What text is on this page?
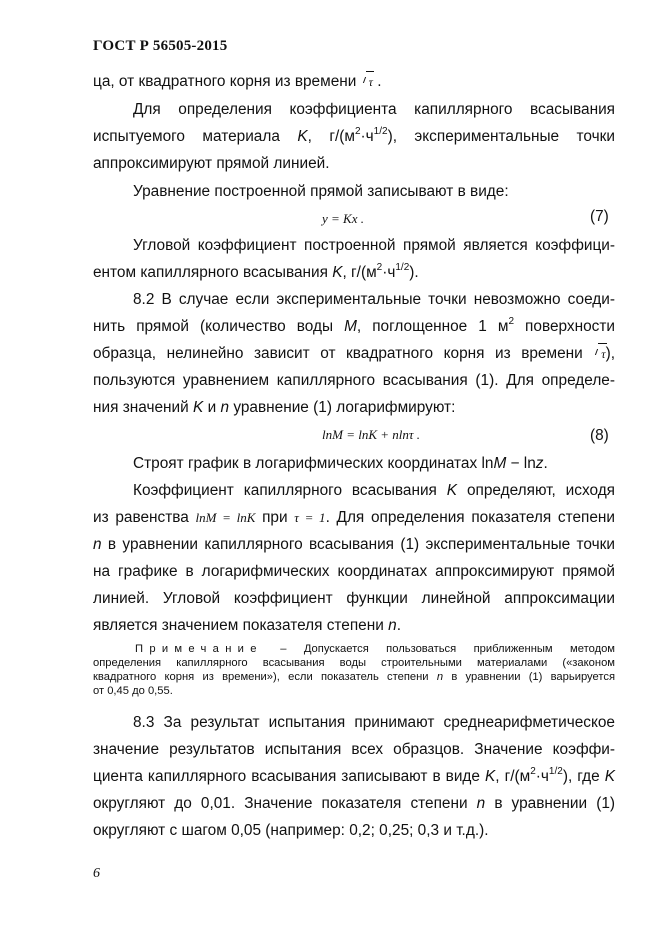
ГОСТ Р 56505-2015
ца, от квадратного корня из времени τ .
Для определения коэффициента капиллярного всасывания
испытуемого материала K, $г/(м^2\cdot ч^{1/2})$, экспериментальные точки
аппроксимируют прямой линией.
Уравнение построенной прямой записывают в виде:
y = Kx .	(7)
Угловой коэффициент построенной прямой является коэффици-
ентом капиллярного всасывания K, $г/(м^2\cdot ч^{1/2})$.
8.2 В случае если экспериментальные точки невозможно соеди-
нить прямой (количество воды M, поглощенное 1 $м^2$ поверхности
образца, нелинейно зависит от квадратного корня из времени τ),
пользуются уравнением капиллярного всасывания (1). Для определе-
ния значений K и n уравнение (1) логарифмируют:
lnM = lnK + nlnτ .	(8)
Строят график в логарифмических координатах lnM − lnz.
Коэффициент капиллярного всасывания K определяют, исходя
из равенства lnM = lnK при τ = 1. Для определения показателя степени
n в уравнении капиллярного всасывания (1) экспериментальные точки
на графике в логарифмических координатах аппроксимируют прямой
линией. Угловой коэффициент функции линейной аппроксимации
является значением показателя степени n.
Примечание – Допускается пользоваться приближенным методом
определения капиллярного всасывания воды строительными материалами («законом
квадратного корня из времени»), если показатель степени n в уравнении (1) варьируется
от 0,45 до 0,55.
8.3 За результат испытания принимают среднеарифметическое
значение результатов испытания всех образцов. Значение коэффи-
циента капиллярного всасывания записывают в виде K, $г/(м^2\cdot ч^{1/2})$, где K
округляют до 0,01. Значение показателя степени n в уравнении (1)
округляют с шагом 0,05 (например: 0,2; 0,25; 0,3 и т.д.).
6
